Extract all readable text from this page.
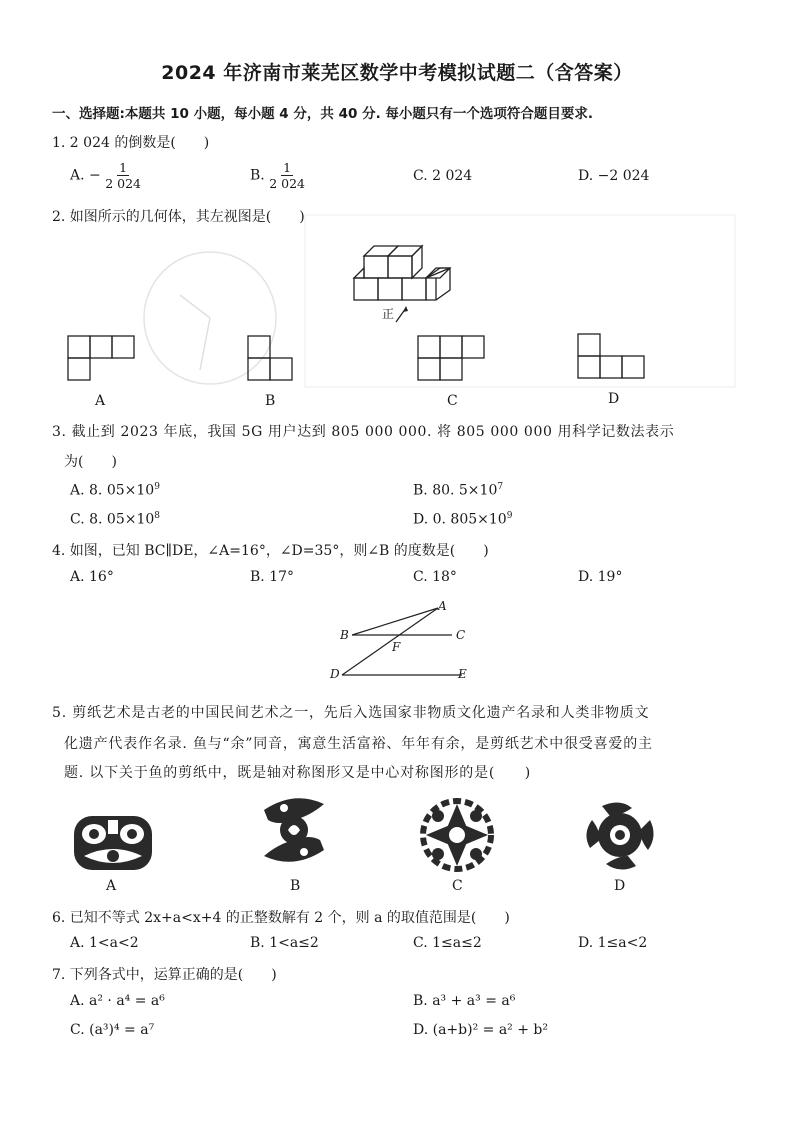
2024 年济南市莱芜区数学中考模拟试题二（含答案）
一、选择题:本题共 10 小题，每小题 4 分，共 40 分. 每小题只有一个选项符合题目要求.
1. 2 024 的倒数是(　　)
A. − $\frac{1}{2 024}$	B. $\frac{1}{2 024}$	C. 2 024	D. −2 024
2. 如图所示的几何体，其左视图是(　　)
正
A	B	C	D
3. 截止到 2023 年底，我国 5G 用户达到 805 000 000. 将 805 000 000 用科学记数法表示
为(　　)
A. 8. $05\times 10^9$	B. 80. $5\times 10^7$
C. 8. $05\times 10^8$	D. 0. $805\times 10^9$
4. 如图，已知 BC∥DE，∠A=16°，∠D=35°，则∠B 的度数是(　　)
A. 16°	B. 17°	C. 18°	D. 19°
A
B	C
F
D	E
5. 剪纸艺术是古老的中国民间艺术之一，先后入选国家非物质文化遗产名录和人类非物质文
化遗产代表作名录. 鱼与“余”同音，寓意生活富裕、年年有余，是剪纸艺术中很受喜爱的主
题. 以下关于鱼的剪纸中，既是轴对称图形又是中心对称图形的是(　　)
A	B	C	D
6. 已知不等式 2x+a<x+4 的正整数解有 2 个，则 a 的取值范围是(　　)
A. 1<a<2	B. 1<a≤2	C. 1≤a≤2	D. 1≤a<2
7. 下列各式中，运算正确的是(　　)
A. a² · a⁴ = a⁶	B. a³ + a³ = a⁶
C. (a³)⁴ = a⁷	D. (a+b)² = a² + b²
